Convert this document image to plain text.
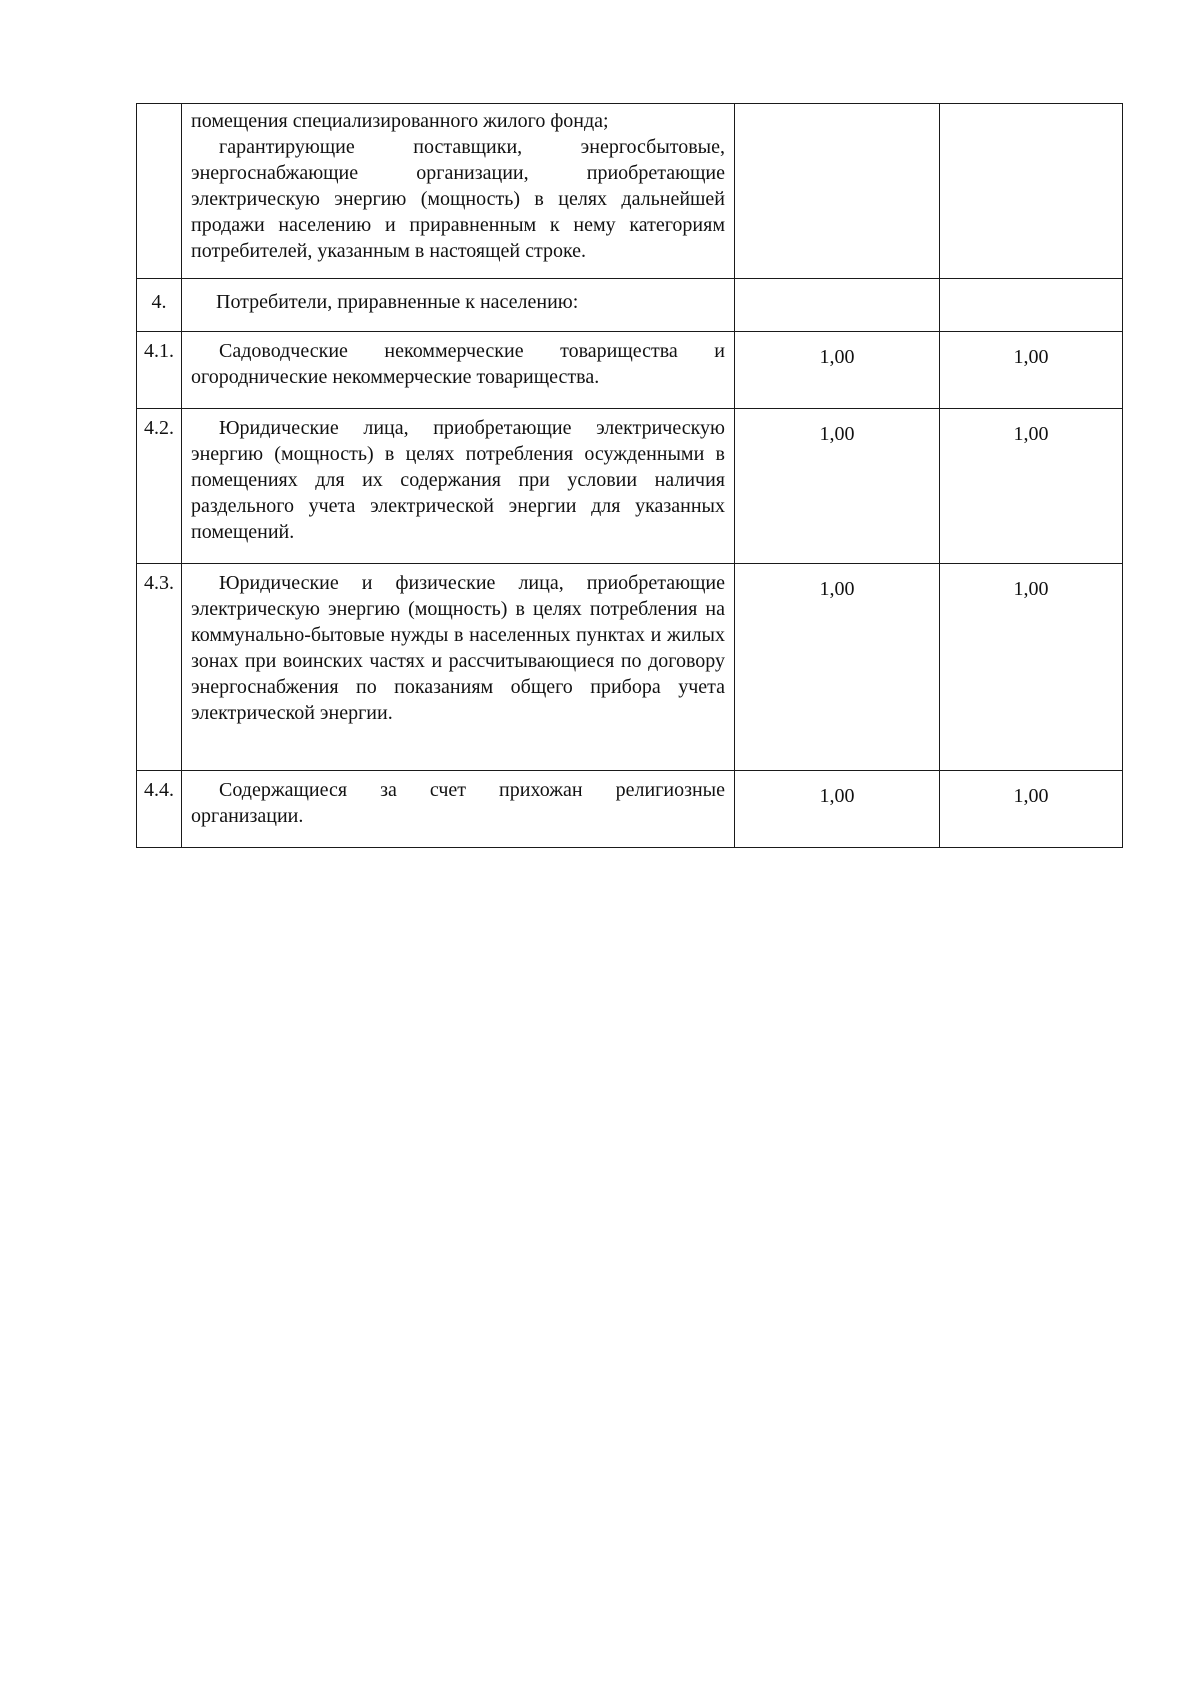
	помещения специализированного жилого фонда;

гарантирующие поставщики, энергосбытовые, энергоснабжающие организации, приобретающие электрическую энергию (мощность) в целях дальнейшей продажи населению и приравненным к нему категориям потребителей, указанным в настоящей строке.		

4.	Потребители, приравненные к населению:		
4.1.	Садоводческие некоммерческие товарищества и огороднические некоммерческие товарищества.	1,00	1,00
4.2.	Юридические лица, приобретающие электрическую энергию (мощность) в целях потребления осужденными в помещениях для их содержания при условии наличия раздельного учета электрической энергии для указанных помещений.	1,00	1,00
4.3.	Юридические и физические лица, приобретающие электрическую энергию (мощность) в целях потребления на коммунально-бытовые нужды в населенных пунктах и жилых зонах при воинских частях и рассчитывающиеся по договору энергоснабжения по показаниям общего прибора учета электрической энергии.	1,00	1,00
4.4.	Содержащиеся за счет прихожан религиозные организации.	1,00	1,00
